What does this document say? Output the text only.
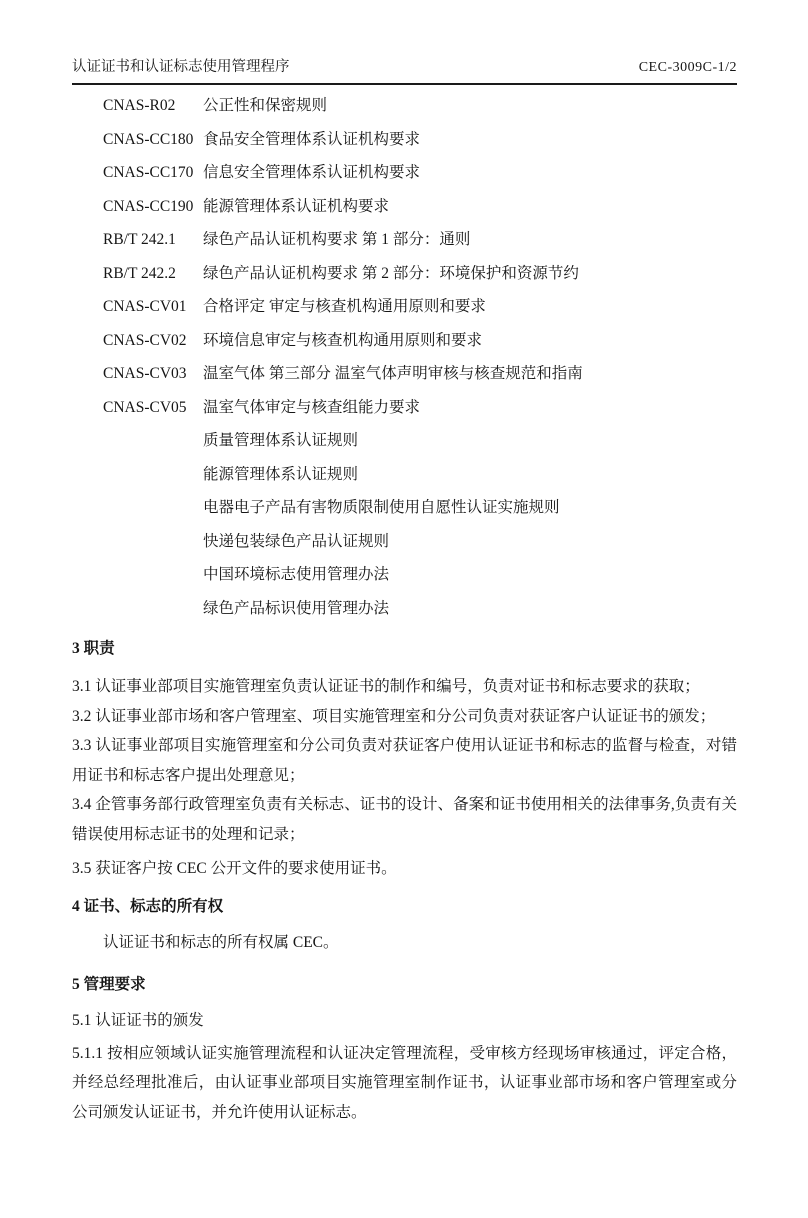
认证证书和认证标志使用管理程序	CEC-3009C-1/2
CNAS-R02	公正性和保密规则
CNAS-CC180 食品安全管理体系认证机构要求
CNAS-CC170 信息安全管理体系认证机构要求
CNAS-CC190 能源管理体系认证机构要求
RB/T 242.1	绿色产品认证机构要求 第 1 部分：通则
RB/T 242.2	绿色产品认证机构要求 第 2 部分：环境保护和资源节约
CNAS-CV01	合格评定 审定与核查机构通用原则和要求
CNAS-CV02	环境信息审定与核查机构通用原则和要求
CNAS-CV03	温室气体 第三部分 温室气体声明审核与核查规范和指南
CNAS-CV05	温室气体审定与核查组能力要求
质量管理体系认证规则
能源管理体系认证规则
电器电子产品有害物质限制使用自愿性认证实施规则
快递包装绿色产品认证规则
中国环境标志使用管理办法
绿色产品标识使用管理办法
3 职责

3.1 认证事业部项目实施管理室负责认证证书的制作和编号，负责对证书和标志要求的获取；

3.2 认证事业部市场和客户管理室、项目实施管理室和分公司负责对获证客户认证证书的颁发；

3.3 认证事业部项目实施管理室和分公司负责对获证客户使用认证证书和标志的监督与检查，对错用证书和标志客户提出处理意见；

3.4 企管事务部行政管理室负责有关标志、证书的设计、备案和证书使用相关的法律事务,负责有关错误使用标志证书的处理和记录；

3.5 获证客户按 CEC 公开文件的要求使用证书。

4 证书、标志的所有权

认证证书和标志的所有权属 CEC。

5 管理要求

5.1 认证证书的颁发

5.1.1 按相应领域认证实施管理流程和认证决定管理流程，受审核方经现场审核通过，评定合格，并经总经理批准后，由认证事业部项目实施管理室制作证书，认证事业部市场和客户管理室或分公司颁发认证证书，并允许使用认证标志。
